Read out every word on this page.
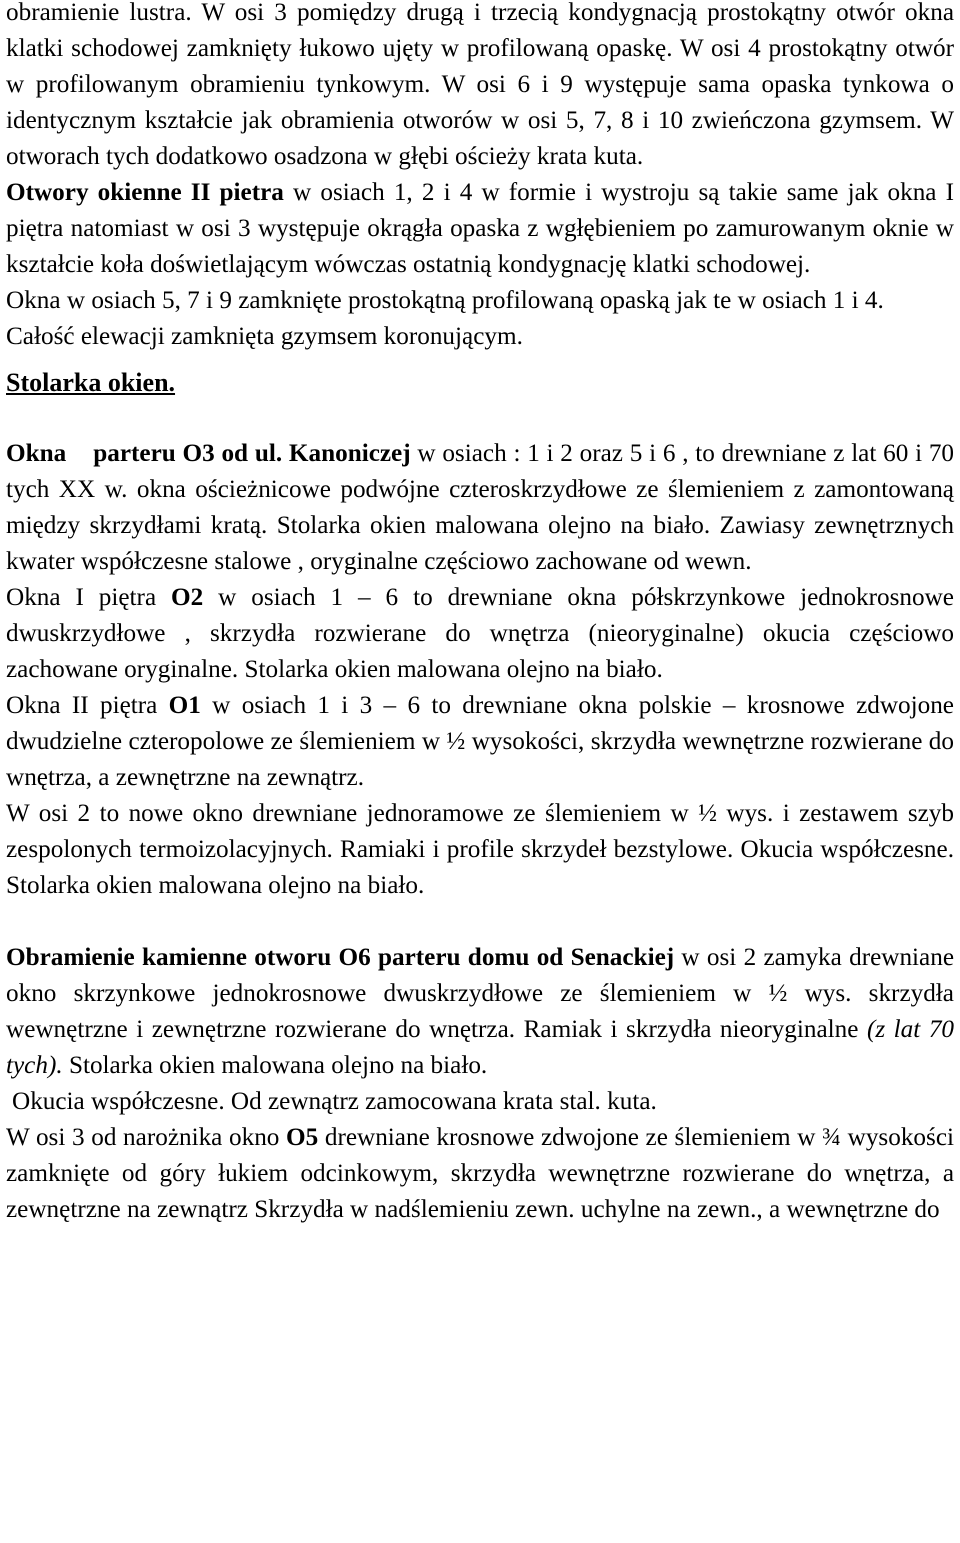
obramienie lustra. W osi 3 pomiędzy drugą i trzecią kondygnacją prostokątny otwór okna klatki schodowej zamknięty łukowo ujęty w profilowaną opaskę. W osi 4 prostokątny otwór w profilowanym obramieniu tynkowym. W osi 6 i 9 występuje sama opaska tynkowa o identycznym kształcie jak obramienia otworów w osi 5, 7, 8 i 10 zwieńczona gzymsem. W otworach tych dodatkowo osadzona w głębi ościeży krata kuta.

Otwory okienne II pietra w osiach 1, 2 i 4 w formie i wystroju są takie same jak okna I piętra natomiast w osi 3 występuje okrągła opaska z wgłębieniem po zamurowanym oknie w kształcie koła doświetlającym wówczas ostatnią kondygnację klatki schodowej.

Okna w osiach 5, 7 i 9 zamknięte prostokątną profilowaną opaską jak te w osiach 1 i 4.

Całość elewacji zamknięta gzymsem koronującym.

Stolarka okien.

Okna parteru O3 od ul. Kanoniczej w osiach : 1 i 2 oraz 5 i 6 , to drewniane z lat 60 i 70 tych XX w. okna ościeżnicowe podwójne czteroskrzydłowe ze ślemieniem z zamontowaną między skrzydłami kratą. Stolarka okien malowana olejno na biało. Zawiasy zewnętrznych kwater współczesne stalowe , oryginalne częściowo zachowane od wewn.

Okna I piętra O2 w osiach 1 – 6 to drewniane okna półskrzynkowe jednokrosnowe dwuskrzydłowe , skrzydła rozwierane do wnętrza (nieoryginalne) okucia częściowo zachowane oryginalne. Stolarka okien malowana olejno na biało.

Okna II piętra O1 w osiach 1 i 3 – 6 to drewniane okna polskie – krosnowe zdwojone dwudzielne czteropolowe ze ślemieniem w ½ wysokości, skrzydła wewnętrzne rozwierane do wnętrza, a zewnętrzne na zewnątrz.

W osi 2 to nowe okno drewniane jednoramowe ze ślemieniem w ½ wys. i zestawem szyb zespolonych termoizolacyjnych. Ramiaki i profile skrzydeł bezstylowe. Okucia współczesne. Stolarka okien malowana olejno na biało.

Obramienie kamienne otworu O6 parteru domu od Senackiej w osi 2 zamyka drewniane okno skrzynkowe jednokrosnowe dwuskrzydłowe ze ślemieniem w ½ wys. skrzydła wewnętrzne i zewnętrzne rozwierane do wnętrza. Ramiak i skrzydła nieoryginalne (z lat 70 tych). Stolarka okien malowana olejno na biało.

Okucia współczesne. Od zewnątrz zamocowana krata stal. kuta.

W osi 3 od narożnika okno O5 drewniane krosnowe zdwojone ze ślemieniem w ¾ wysokości zamknięte od góry łukiem odcinkowym, skrzydła wewnętrzne rozwierane do wnętrza, a zewnętrzne na zewnątrz Skrzydła w nadślemieniu zewn. uchylne na zewn., a wewnętrzne do
